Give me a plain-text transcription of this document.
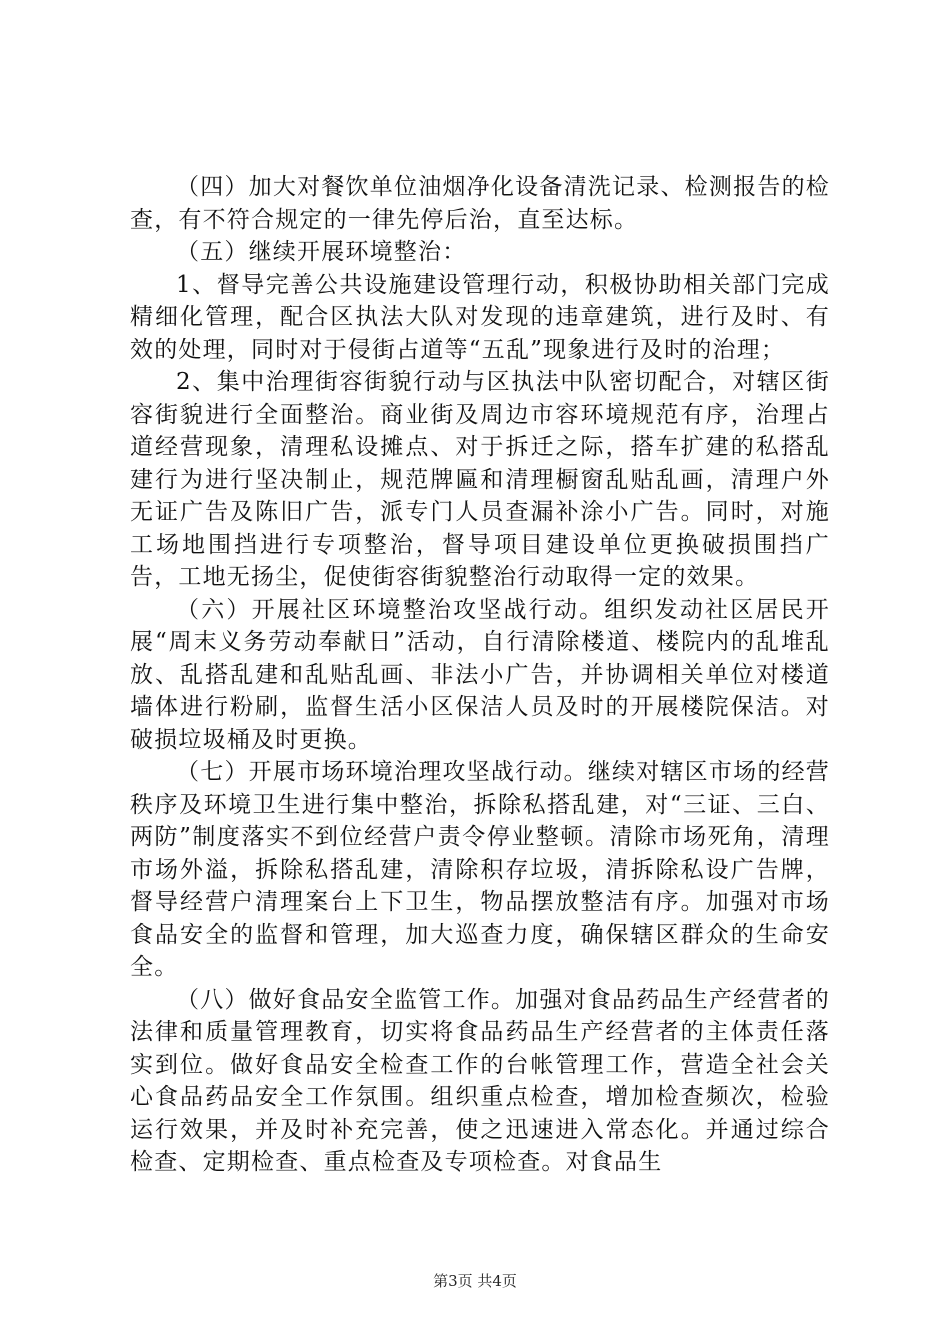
（四）加大对餐饮单位油烟净化设备清洗记录、检测报告的检查，有不符合规定的一律先停后治，直至达标。

（五）继续开展环境整治：

1、督导完善公共设施建设管理行动，积极协助相关部门完成精细化管理，配合区执法大队对发现的违章建筑，进行及时、有效的处理，同时对于侵街占道等“五乱”现象进行及时的治理；

2、集中治理街容街貌行动与区执法中队密切配合，对辖区街容街貌进行全面整治。商业街及周边市容环境规范有序，治理占道经营现象，清理私设摊点、对于拆迁之际，搭车扩建的私搭乱建行为进行坚决制止，规范牌匾和清理橱窗乱贴乱画，清理户外无证广告及陈旧广告，派专门人员查漏补涂小广告。同时，对施工场地围挡进行专项整治，督导项目建设单位更换破损围挡广告，工地无扬尘，促使街容街貌整治行动取得一定的效果。

（六）开展社区环境整治攻坚战行动。组织发动社区居民开展“周末义务劳动奉献日”活动，自行清除楼道、楼院内的乱堆乱放、乱搭乱建和乱贴乱画、非法小广告，并协调相关单位对楼道墙体进行粉刷，监督生活小区保洁人员及时的开展楼院保洁。对破损垃圾桶及时更换。

（七）开展市场环境治理攻坚战行动。继续对辖区市场的经营秩序及环境卫生进行集中整治，拆除私搭乱建，对“三证、三白、两防”制度落实不到位经营户责令停业整顿。清除市场死角，清理市场外溢，拆除私搭乱建，清除积存垃圾，清拆除私设广告牌，督导经营户清理案台上下卫生，物品摆放整洁有序。加强对市场食品安全的监督和管理，加大巡查力度，确保辖区群众的生命安全。

（八）做好食品安全监管工作。加强对食品药品生产经营者的法律和质量管理教育，切实将食品药品生产经营者的主体责任落实到位。做好食品安全检查工作的台帐管理工作，营造全社会关心食品药品安全工作氛围。组织重点检查，增加检查频次，检验运行效果，并及时补充完善，使之迅速进入常态化。并通过综合检查、定期检查、重点检查及专项检查。对食品生

第3页 共4页
